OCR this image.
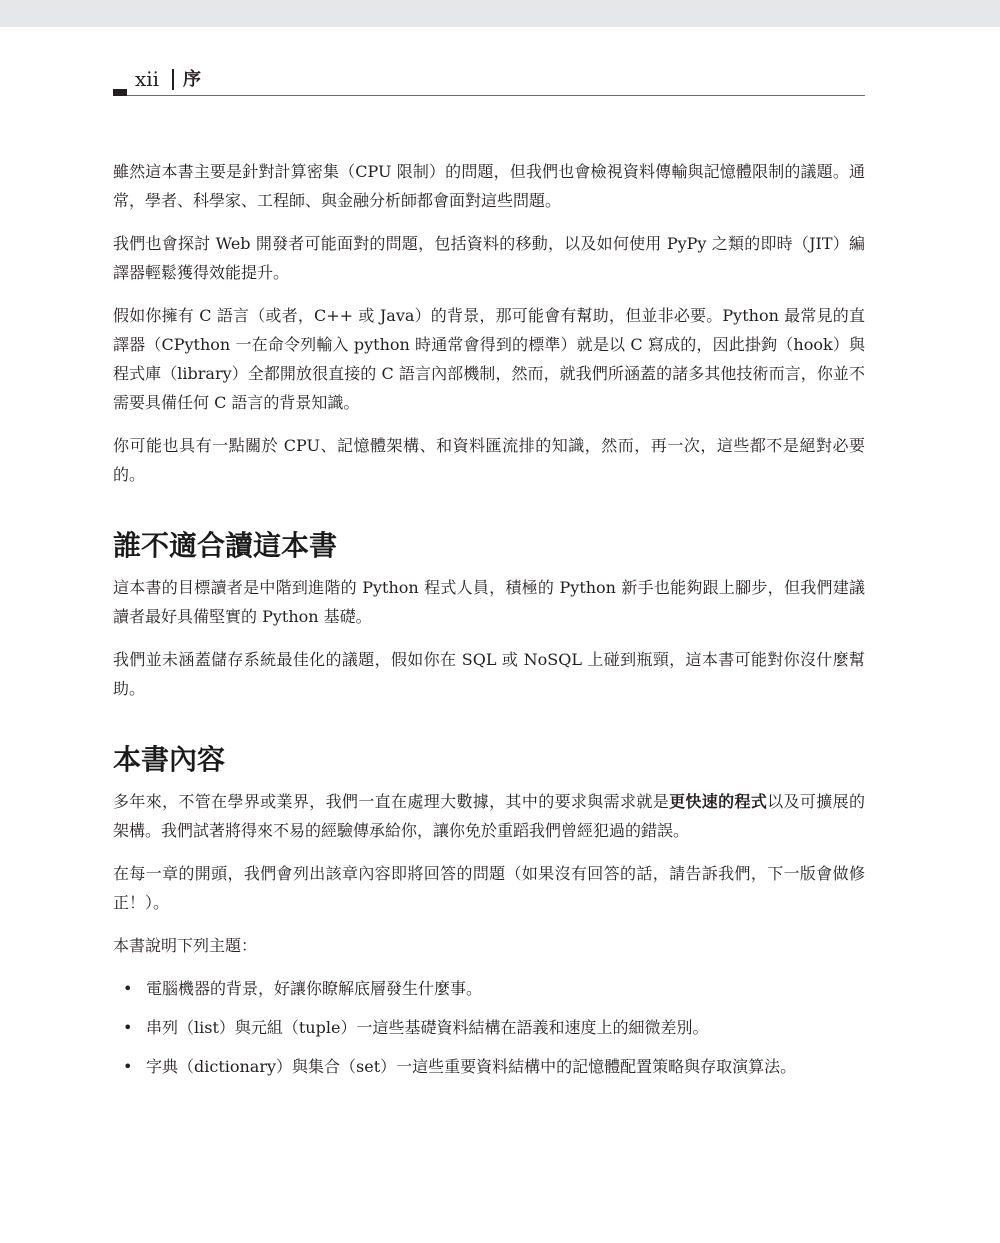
xii 序

雖然這本書主要是針對計算密集（CPU 限制）的問題，但我們也會檢視資料傳輸與記憶體限制的議題。通常，學者、科學家、工程師、與金融分析師都會面對這些問題。

我們也會探討 Web 開發者可能面對的問題，包括資料的移動，以及如何使用 PyPy 之類的即時（JIT）編譯器輕鬆獲得效能提升。

假如你擁有 C 語言（或者，C++ 或 Java）的背景，那可能會有幫助，但並非必要。Python 最常見的直譯器（CPython 一在命令列輸入 python 時通常會得到的標準）就是以 C 寫成的，因此掛鉤（hook）與程式庫（library）全都開放很直接的 C 語言內部機制，然而，就我們所涵蓋的諸多其他技術而言，你並不需要具備任何 C 語言的背景知識。

你可能也具有一點關於 CPU、記憶體架構、和資料匯流排的知識，然而，再一次，這些都不是絕對必要的。

誰不適合讀這本書

這本書的目標讀者是中階到進階的 Python 程式人員，積極的 Python 新手也能夠跟上腳步，但我們建議讀者最好具備堅實的 Python 基礎。

我們並未涵蓋儲存系統最佳化的議題，假如你在 SQL 或 NoSQL 上碰到瓶頸，這本書可能對你沒什麼幫助。

本書內容

多年來，不管在學界或業界，我們一直在處理大數據，其中的要求與需求就是更快速的程式以及可擴展的架構。我們試著將得來不易的經驗傳承給你，讓你免於重蹈我們曾經犯過的錯誤。

在每一章的開頭，我們會列出該章內容即將回答的問題（如果沒有回答的話，請告訴我們，下一版會做修正！）。

本書說明下列主題：

• 電腦機器的背景，好讓你瞭解底層發生什麼事。
• 串列（list）與元組（tuple）一這些基礎資料結構在語義和速度上的細微差別。
• 字典（dictionary）與集合（set）一這些重要資料結構中的記憶體配置策略與存取演算法。
